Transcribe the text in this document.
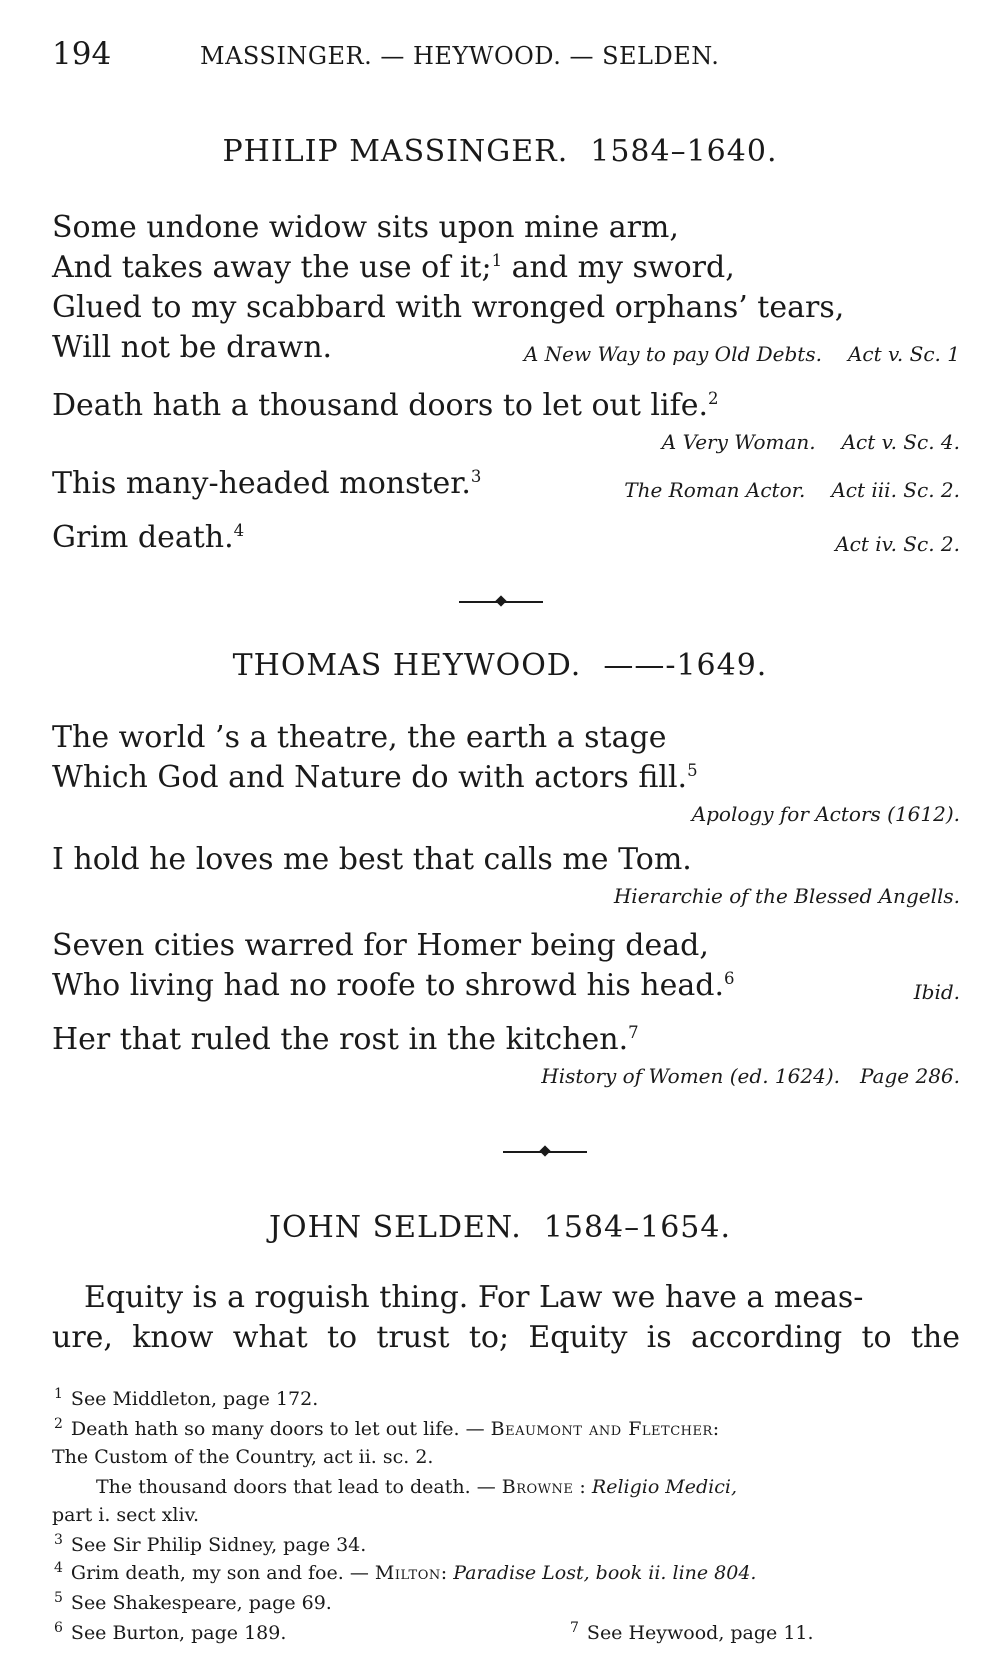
194	MASSINGER. — HEYWOOD. — SELDEN.
PHILIP MASSINGER. 1584–1640.
Some undone widow sits upon mine arm,
And takes away the use of it;$^1$ and my sword,
Glued to my scabbard with wronged orphans’ tears,
Will not be drawn.	A New Way to pay Old Debts. Act v. Sc. 1
Death hath a thousand doors to let out life.$^2$
A Very Woman. Act v. Sc. 4.
This many-headed monster.$^3$
The Roman Actor. Act iii. Sc. 2.
Grim death.$^4$
Act iv. Sc. 2.
THOMAS HEYWOOD. ——-1649.
The world ’s a theatre, the earth a stage
Which God and Nature do with actors fill.$^5$
Apology for Actors (1612).
I hold he loves me best that calls me Tom.
Hierarchie of the Blessed Angells.
Seven cities warred for Homer being dead,
Who living had no roofe to shrowd his head.$^6$
Ibid.
Her that ruled the rost in the kitchen.$^7$
History of Women (ed. 1624). Page 286.
JOHN SELDEN. 1584–1654.
Equity is a roguish thing. For Law we have a meas-
ure, know what to trust to; Equity is according to the
$^1$ See Middleton, page 172.
$^2$ Death hath so many doors to let out life. — Beaumont and Fletcher:
The Custom of the Country, act ii. sc. 2.
The thousand doors that lead to death. — Browne : Religio Medici,
part i. sect xliv.
$^3$ See Sir Philip Sidney, page 34.
$^4$ Grim death, my son and foe. — Milton: Paradise Lost, book ii. line 804.
$^5$ See Shakespeare, page 69.
$^6$ See Burton, page 189.	$^7$ See Heywood, page 11.
